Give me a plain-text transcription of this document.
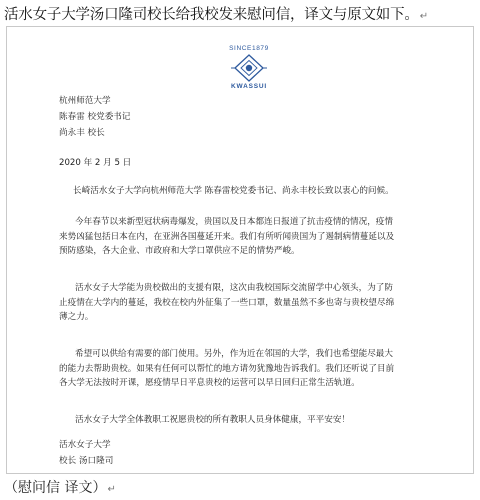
活水女子大学汤口隆司校长给我校发来慰问信，译文与原文如下。↵
SINCE1879
KWASSUI
杭州师范大学
陈春雷 校党委书记
尚永丰 校长
2020 年 2 月 5 日
长崎活水女子大学向杭州师范大学 陈春雷校党委书记、尚永丰校长致以衷心的问候。
今年春节以来新型冠状病毒爆发，贵国以及日本都连日报道了抗击疫情的情况，疫情
来势凶猛包括日本在内，在亚洲各国蔓延开来。我们有所听闻贵国为了遏制病情蔓延以及
预防感染，各大企业、市政府和大学口罩供应不足的情势严峻。
活水女子大学能为贵校做出的支援有限，这次由我校国际交流留学中心领头，为了防
止疫情在大学内的蔓延，我校在校内外征集了一些口罩，数量虽然不多也寄与贵校望尽绵
薄之力。
希望可以供给有需要的部门使用。另外，作为近在邻国的大学，我们也希望能尽最大
的能力去帮助贵校。如果有任何可以帮忙的地方请勿犹豫地告诉我们。我们还听说了目前
各大学无法按时开课，愿疫情早日平息贵校的运营可以早日回归正常生活轨道。
活水女子大学全体教职工祝愿贵校的所有教职人员身体健康，平平安安！
活水女子大学
校长 汤口隆司
（慰问信 译文）↵
